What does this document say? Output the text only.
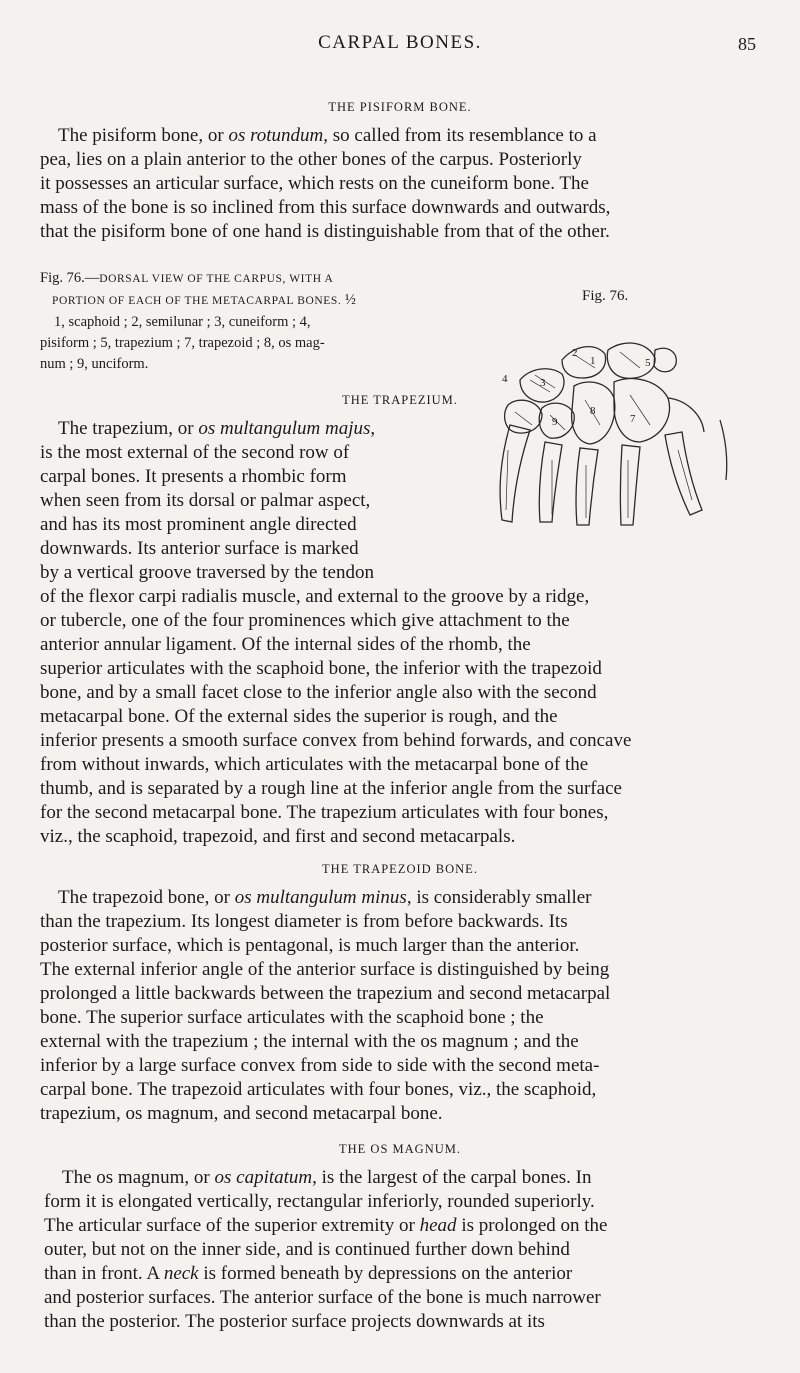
CARPAL BONES.	85
THE PISIFORM BONE.

The pisiform bone, or os rotundum, so called from its resemblance to a
pea, lies on a plain anterior to the other bones of the carpus. Posteriorly
it possesses an articular surface, which rests on the cuneiform bone. The
mass of the bone is so inclined from this surface downwards and outwards,
that the pisiform bone of one hand is distinguishable from that of the other.

Fig. 76.—DORSAL VIEW OF THE CARPUS, WITH A
PORTION OF EACH OF THE METACARPAL BONES. ½
1, scaphoid ; 2, semilunar ; 3, cuneiform ; 4,
pisiform ; 5, trapezium ; 7, trapezoid ; 8, os mag-
num ; 9, unciform.
Fig. 76.
1
2
3
4
5
7
8
9
THE TRAPEZIUM.

The trapezium, or os multangulum majus,
is the most external of the second row of
carpal bones. It presents a rhombic form
when seen from its dorsal or palmar aspect,
and has its most prominent angle directed
downwards. Its anterior surface is marked
by a vertical groove traversed by the tendon
of the flexor carpi radialis muscle, and external to the groove by a ridge,
or tubercle, one of the four prominences which give attachment to the
anterior annular ligament. Of the internal sides of the rhomb, the
superior articulates with the scaphoid bone, the inferior with the trapezoid
bone, and by a small facet close to the inferior angle also with the second
metacarpal bone. Of the external sides the superior is rough, and the
inferior presents a smooth surface convex from behind forwards, and concave
from without inwards, which articulates with the metacarpal bone of the
thumb, and is separated by a rough line at the inferior angle from the surface
for the second metacarpal bone. The trapezium articulates with four bones,
viz., the scaphoid, trapezoid, and first and second metacarpals.

THE TRAPEZOID BONE.

The trapezoid bone, or os multangulum minus, is considerably smaller
than the trapezium. Its longest diameter is from before backwards. Its
posterior surface, which is pentagonal, is much larger than the anterior.
The external inferior angle of the anterior surface is distinguished by being
prolonged a little backwards between the trapezium and second metacarpal
bone. The superior surface articulates with the scaphoid bone ; the
external with the trapezium ; the internal with the os magnum ; and the
inferior by a large surface convex from side to side with the second meta-
carpal bone. The trapezoid articulates with four bones, viz., the scaphoid,
trapezium, os magnum, and second metacarpal bone.

THE OS MAGNUM.

The os magnum, or os capitatum, is the largest of the carpal bones. In
form it is elongated vertically, rectangular inferiorly, rounded superiorly.
The articular surface of the superior extremity or head is prolonged on the
outer, but not on the inner side, and is continued further down behind
than in front. A neck is formed beneath by depressions on the anterior
and posterior surfaces. The anterior surface of the bone is much narrower
than the posterior. The posterior surface projects downwards at its
